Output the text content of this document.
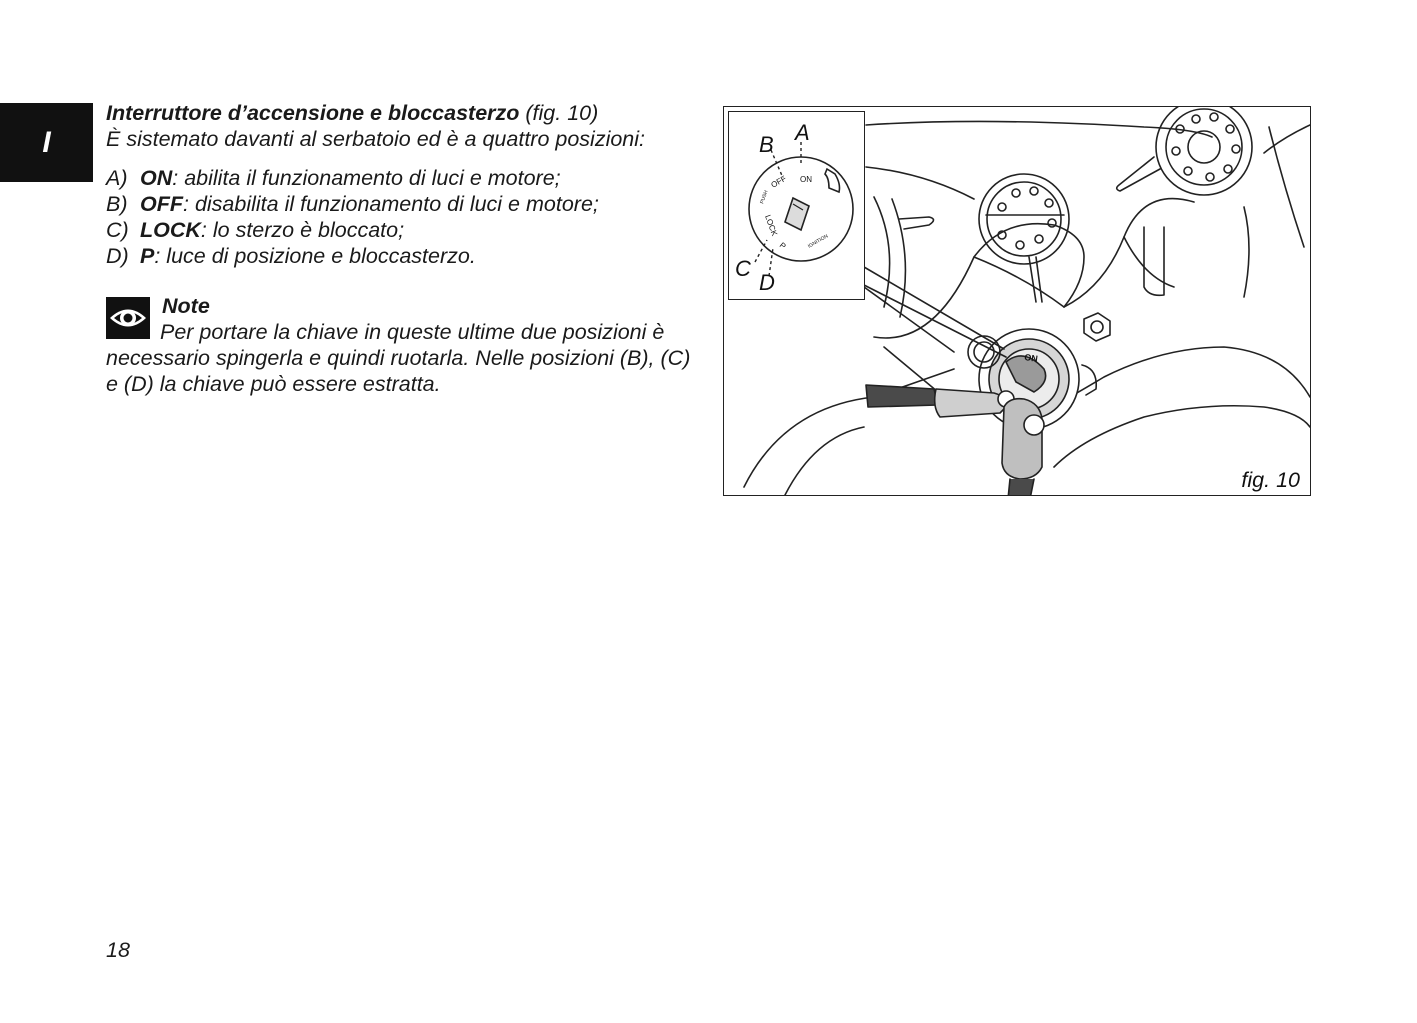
I

Interruttore d’accensione e bloccasterzo (fig. 10)

È sistemato davanti al serbatoio ed è a quattro posizioni:

A) ON: abilita il funzionamento di luci e motore;

B) OFF: disabilita il funzionamento di luci e motore;

C) LOCK: lo sterzo è bloccato;

D) P: luce di posizione e bloccasterzo.

Note

Per portare la chiave in queste ultime due posizioni è necessario spingerla e quindi ruotarla. Nelle posizioni (B), (C) e (D) la chiave può essere estratta.

ON
ON
OFF
PUSH
LOCK
P	IGNITION
A
B
C
D
fig. 10
18
